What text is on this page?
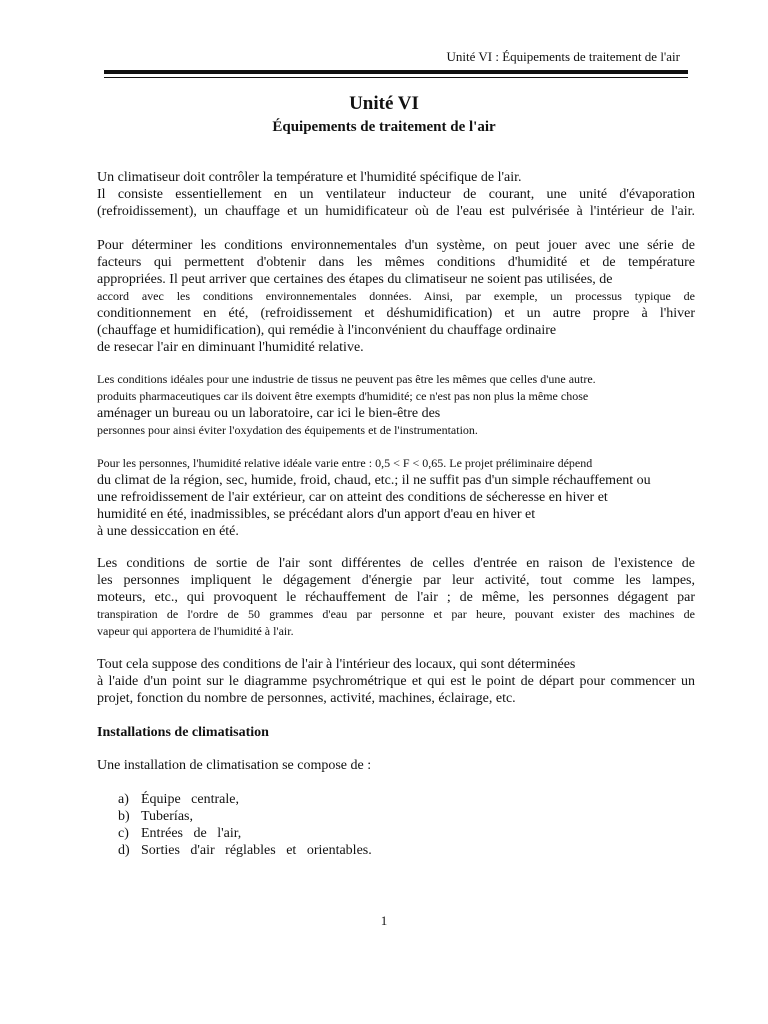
Unité VI : Équipements de traitement de l'air
Unité VI
Équipements de traitement de l'air
Un climatiseur doit contrôler la température et l'humidité spécifique de l'air.
Il consiste essentiellement en un ventilateur inducteur de courant, une unité d'évaporation
(refroidissement), un chauffage et un humidificateur où de l'eau est pulvérisée à l'intérieur de l'air.
Pour déterminer les conditions environnementales d'un système, on peut jouer avec une série de
facteurs qui permettent d'obtenir dans les mêmes conditions d'humidité et de température
appropriées. Il peut arriver que certaines des étapes du climatiseur ne soient pas utilisées, de
accord avec les conditions environnementales données. Ainsi, par exemple, un processus typique de
conditionnement en été, (refroidissement et déshumidification) et un autre propre à l'hiver
(chauffage et humidification), qui remédie à l'inconvénient du chauffage ordinaire
de resecar l'air en diminuant l'humidité relative.
Les conditions idéales pour une industrie de tissus ne peuvent pas être les mêmes que celles d'une autre.
produits pharmaceutiques car ils doivent être exempts d'humidité; ce n'est pas non plus la même chose
aménager un bureau ou un laboratoire, car ici le bien-être des
personnes pour ainsi éviter l'oxydation des équipements et de l'instrumentation.
Pour les personnes, l'humidité relative idéale varie entre : 0,5 < F < 0,65. Le projet préliminaire dépend
du climat de la région, sec, humide, froid, chaud, etc.; il ne suffit pas d'un simple réchauffement ou
une refroidissement de l'air extérieur, car on atteint des conditions de sécheresse en hiver et
humidité en été, inadmissibles, se précédant alors d'un apport d'eau en hiver et
à une dessiccation en été.
Les conditions de sortie de l'air sont différentes de celles d'entrée en raison de l'existence de
les personnes impliquent le dégagement d'énergie par leur activité, tout comme les lampes,
moteurs, etc., qui provoquent le réchauffement de l'air ; de même, les personnes dégagent par
transpiration de l'ordre de 50 grammes d'eau par personne et par heure, pouvant exister des machines de
vapeur qui apportera de l'humidité à l'air.
Tout cela suppose des conditions de l'air à l'intérieur des locaux, qui sont déterminées
à l'aide d'un point sur le diagramme psychrométrique et qui est le point de départ pour commencer un
projet, fonction du nombre de personnes, activité, machines, éclairage, etc.
Installations de climatisation
Une installation de climatisation se compose de :
a) Équipe   centrale,
b) Tuberías,
c) Entrées   de   l'air,
d) Sorties   d'air   réglables   et   orientables.
1
